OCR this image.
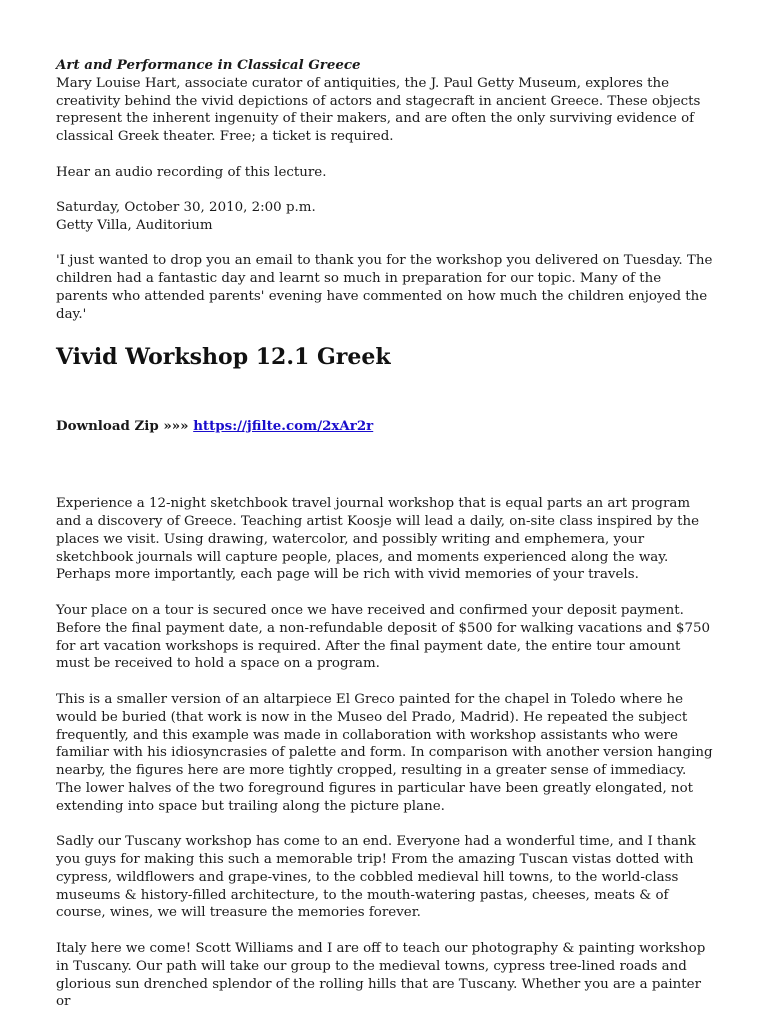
Art and Performance in Classical Greece

Mary Louise Hart, associate curator of antiquities, the J. Paul Getty Museum, explores the creativity behind the vivid depictions of actors and stagecraft in ancient Greece. These objects represent the inherent ingenuity of their makers, and are often the only surviving evidence of classical Greek theater. Free; a ticket is required.

Hear an audio recording of this lecture.

Saturday, October 30, 2010, 2:00 p.m.

Getty Villa, Auditorium

'I just wanted to drop you an email to thank you for the workshop you delivered on Tuesday. The children had a fantastic day and learnt so much in preparation for our topic. Many of the parents who attended parents' evening have commented on how much the children enjoyed the day.'

Vivid Workshop 12.1 Greek

Download Zip »»» https://jfilte.com/2xAr2r

Experience a 12-night sketchbook travel journal workshop that is equal parts an art program and a discovery of Greece. Teaching artist Koosje will lead a daily, on-site class inspired by the places we visit. Using drawing, watercolor, and possibly writing and emphemera, your sketchbook journals will capture people, places, and moments experienced along the way. Perhaps more importantly, each page will be rich with vivid memories of your travels.

Your place on a tour is secured once we have received and confirmed your deposit payment. Before the final payment date, a non-refundable deposit of $500 for walking vacations and $750 for art vacation workshops is required. After the final payment date, the entire tour amount must be received to hold a space on a program.

This is a smaller version of an altarpiece El Greco painted for the chapel in Toledo where he would be buried (that work is now in the Museo del Prado, Madrid). He repeated the subject frequently, and this example was made in collaboration with workshop assistants who were familiar with his idiosyncrasies of palette and form. In comparison with another version hanging nearby, the figures here are more tightly cropped, resulting in a greater sense of immediacy. The lower halves of the two foreground figures in particular have been greatly elongated, not extending into space but trailing along the picture plane.

Sadly our Tuscany workshop has come to an end. Everyone had a wonderful time, and I thank you guys for making this such a memorable trip! From the amazing Tuscan vistas dotted with cypress, wildflowers and grape-vines, to the cobbled medieval hill towns, to the world-class museums & history-filled architecture, to the mouth-watering pastas, cheeses, meats & of course, wines, we will treasure the memories forever.

Italy here we come! Scott Williams and I are off to teach our photography & painting workshop in Tuscany. Our path will take our group to the medieval towns, cypress tree-lined roads and glorious sun drenched splendor of the rolling hills that are Tuscany. Whether you are a painter or
